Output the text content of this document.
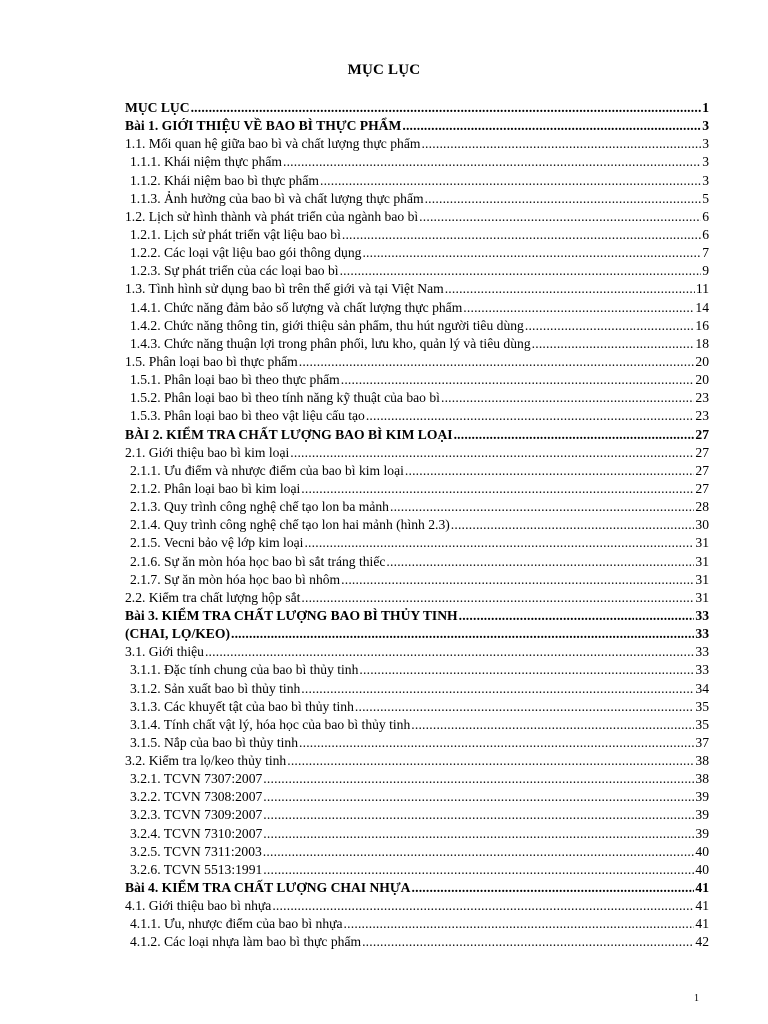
MỤC LỤC
MỤC LỤC .....	1
Bài 1. GIỚI THIỆU VỀ BAO BÌ THỰC PHẨM .....	3
1.1. Mối quan hệ giữa bao bì và chất lượng thực phẩm .....	3
1.1.1. Khái niệm thực phẩm .....	3
1.1.2. Khái niệm bao bì thực phẩm .....	3
1.1.3. Ảnh hưởng của bao bì và chất lượng thực phẩm .....	5
1.2. Lịch sử hình thành và phát triển của ngành bao bì .....	6
1.2.1. Lịch sử phát triển vật liệu bao bì .....	6
1.2.2. Các loại vật liệu bao gói thông dụng .....	7
1.2.3. Sự phát triển của các loại bao bì .....	9
1.3. Tình hình sử dụng bao bì trên thế giới và tại Việt Nam .....	11
1.4.1. Chức năng đảm bảo số lượng và chất lượng thực phẩm .....	14
1.4.2. Chức năng thông tin, giới thiệu sản phẩm, thu hút người tiêu dùng .....	16
1.4.3. Chức năng thuận lợi trong phân phối, lưu kho, quản lý và tiêu dùng .....	18
1.5. Phân loại bao bì thực phẩm .....	20
1.5.1. Phân loại bao bì theo thực phẩm .....	20
1.5.2. Phân loại bao bì theo tính năng kỹ thuật của bao bì .....	23
1.5.3. Phân loại bao bì theo vật liệu cấu tạo .....	23
BÀI 2. KIỂM TRA CHẤT LƯỢNG BAO BÌ KIM LOẠI .....	27
2.1. Giới thiệu bao bì kim loại .....	27
2.1.1. Ưu điểm và nhược điểm của bao bì kim loại .....	27
2.1.2. Phân loại bao bì kim loại .....	27
2.1.3. Quy trình công nghệ chế tạo lon ba mảnh .....	28
2.1.4. Quy trình công nghệ chế tạo lon hai mảnh (hình 2.3) .....	30
2.1.5. Vecni bảo vệ lớp kim loại .....	31
2.1.6. Sự ăn mòn hóa học bao bì sắt tráng thiếc .....	31
2.1.7. Sự ăn mòn hóa học bao bì nhôm .....	31
2.2. Kiểm tra chất lượng hộp sắt .....	31
Bài 3. KIỂM TRA CHẤT LƯỢNG BAO BÌ THỦY TINH .....	33
(CHAI, LỌ/KEO) .....	33
3.1. Giới thiệu .....	33
3.1.1. Đặc tính chung của bao bì thủy tinh .....	33
3.1.2. Sản xuất bao bì thủy tinh .....	34
3.1.3. Các khuyết tật của bao bì thủy tinh .....	35
3.1.4. Tính chất vật lý, hóa học của bao bì thủy tinh .....	35
3.1.5. Nắp của bao bì thủy tinh .....	37
3.2. Kiểm tra lọ/keo thủy tinh .....	38
3.2.1. TCVN 7307:2007 .....	38
3.2.2. TCVN 7308:2007 .....	39
3.2.3. TCVN 7309:2007 .....	39
3.2.4. TCVN 7310:2007 .....	39
3.2.5. TCVN 7311:2003 .....	40
3.2.6. TCVN 5513:1991 .....	40
Bài 4. KIỂM TRA CHẤT LƯỢNG CHAI NHỰA .....	41
4.1. Giới thiệu bao bì nhựa .....	41
4.1.1. Ưu, nhược điểm của bao bì nhựa .....	41
4.1.2. Các loại nhựa làm bao bì thực phẩm .....	42
1
